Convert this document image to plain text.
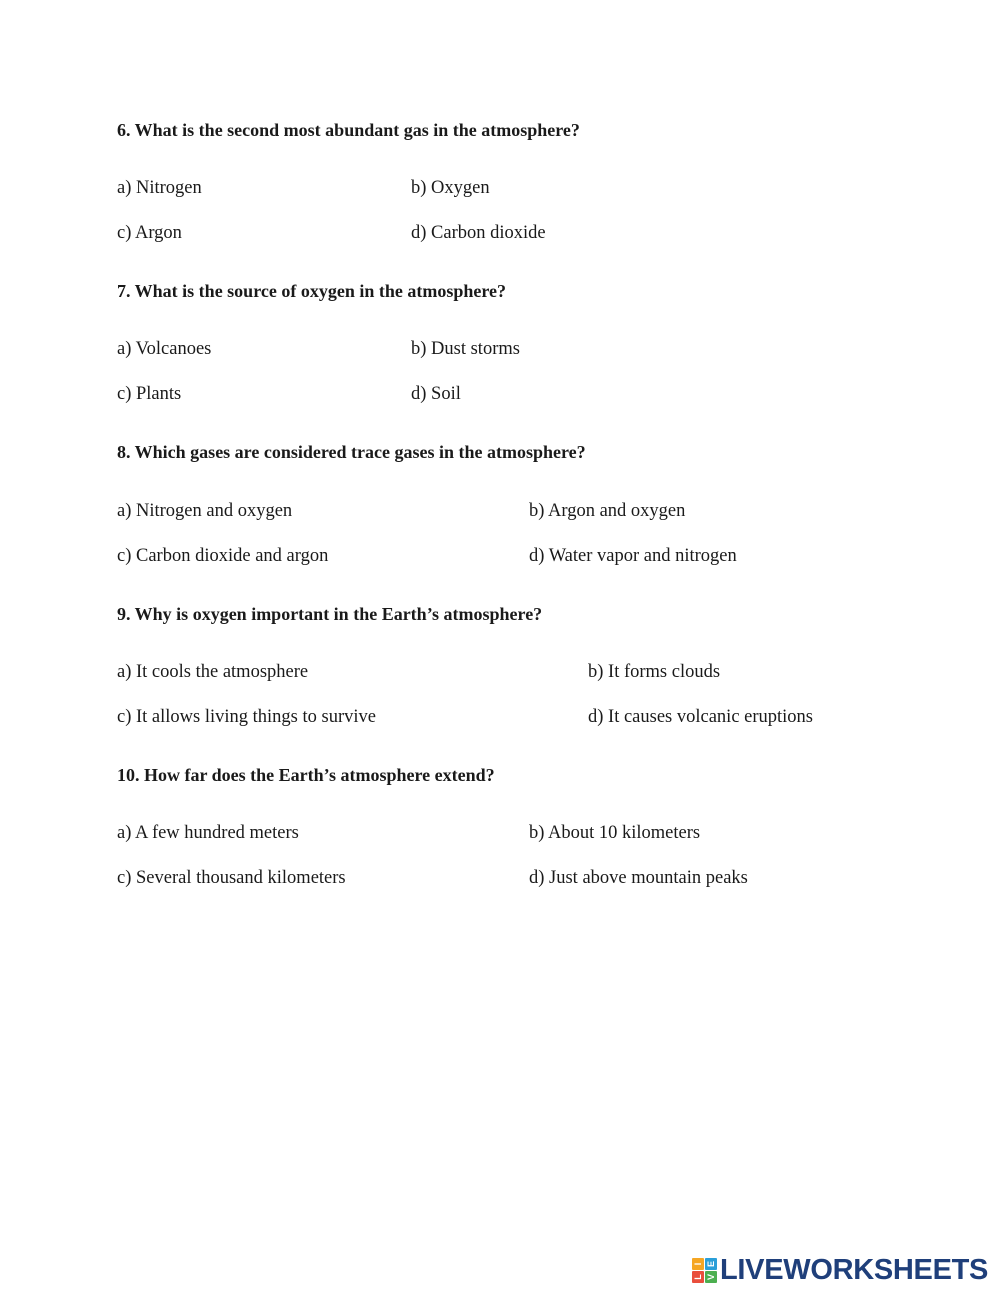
6. What is the second most abundant gas in the atmosphere?
a) Nitrogen	b) Oxygen
c) Argon	d) Carbon dioxide
7. What is the source of oxygen in the atmosphere?
a) Volcanoes	b) Dust storms
c) Plants	d) Soil
8. Which gases are considered trace gases in the atmosphere?
a) Nitrogen and oxygen	b) Argon and oxygen
c) Carbon dioxide and argon	d) Water vapor and nitrogen
9. Why is oxygen important in the Earth’s atmosphere?
a) It cools the atmosphere	b) It forms clouds
c) It allows living things to survive	d) It causes volcanic eruptions
10. How far does the Earth’s atmosphere extend?
a) A few hundred meters	b) About 10 kilometers
c) Several thousand kilometers	d) Just above mountain peaks
L
I
V
E LIVEWORKSHEETS
